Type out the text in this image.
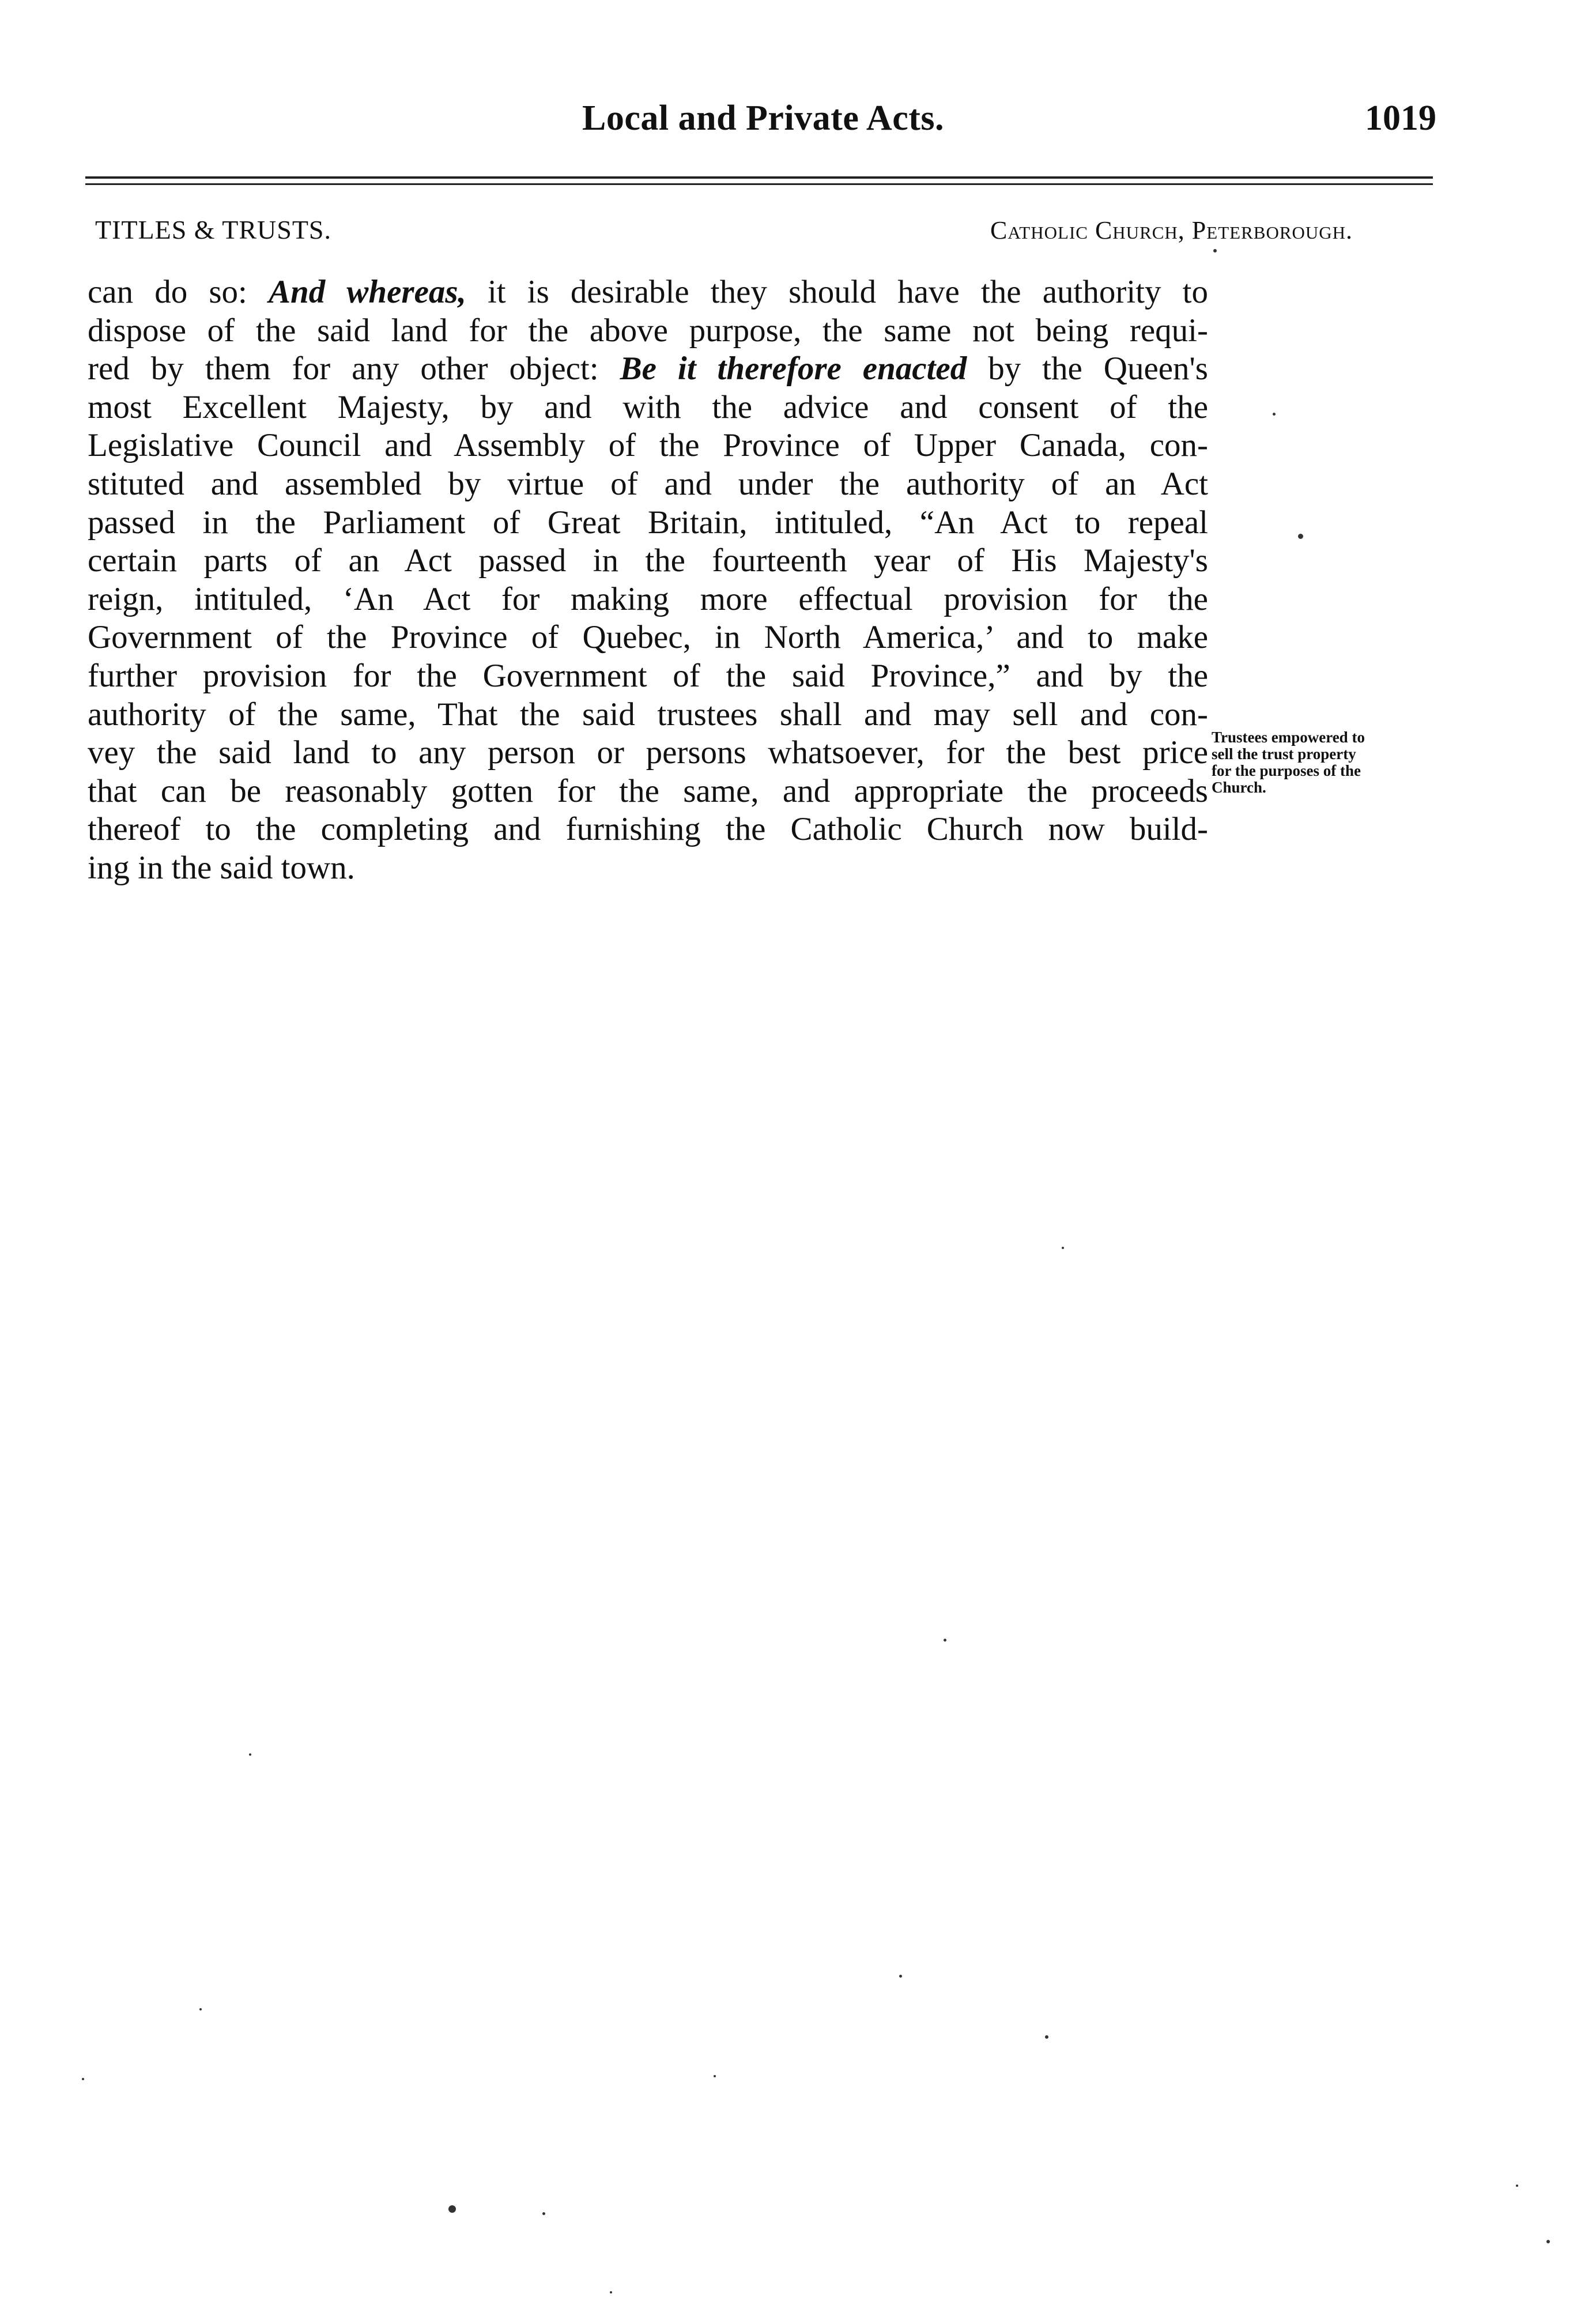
Local and Private Acts.	1019
TITLES & TRUSTS.	Catholic Church, Peterborough.
can do so: And whereas, it is desirable they should have the authority to
dispose of the said land for the above purpose, the same not being requi-
red by them for any other object: Be it therefore enacted by the Queen's
most Excellent Majesty, by and with the advice and consent of the
Legislative Council and Assembly of the Province of Upper Canada, con-
stituted and assembled by virtue of and under the authority of an Act
passed in the Parliament of Great Britain, intituled, “An Act to repeal
certain parts of an Act passed in the fourteenth year of His Majesty's
reign, intituled, ‘An Act for making more effectual provision for the
Government of the Province of Quebec, in North America,’ and to make
further provision for the Government of the said Province,” and by the
authority of the same, That the said trustees shall and may sell and con-
vey the said land to any person or persons whatsoever, for the best price
that can be reasonably gotten for the same, and appropriate the proceeds
thereof to the completing and furnishing the Catholic Church now build-
ing in the said town.
Trustees empowered to
sell the trust property
for the purposes of the
Church.
